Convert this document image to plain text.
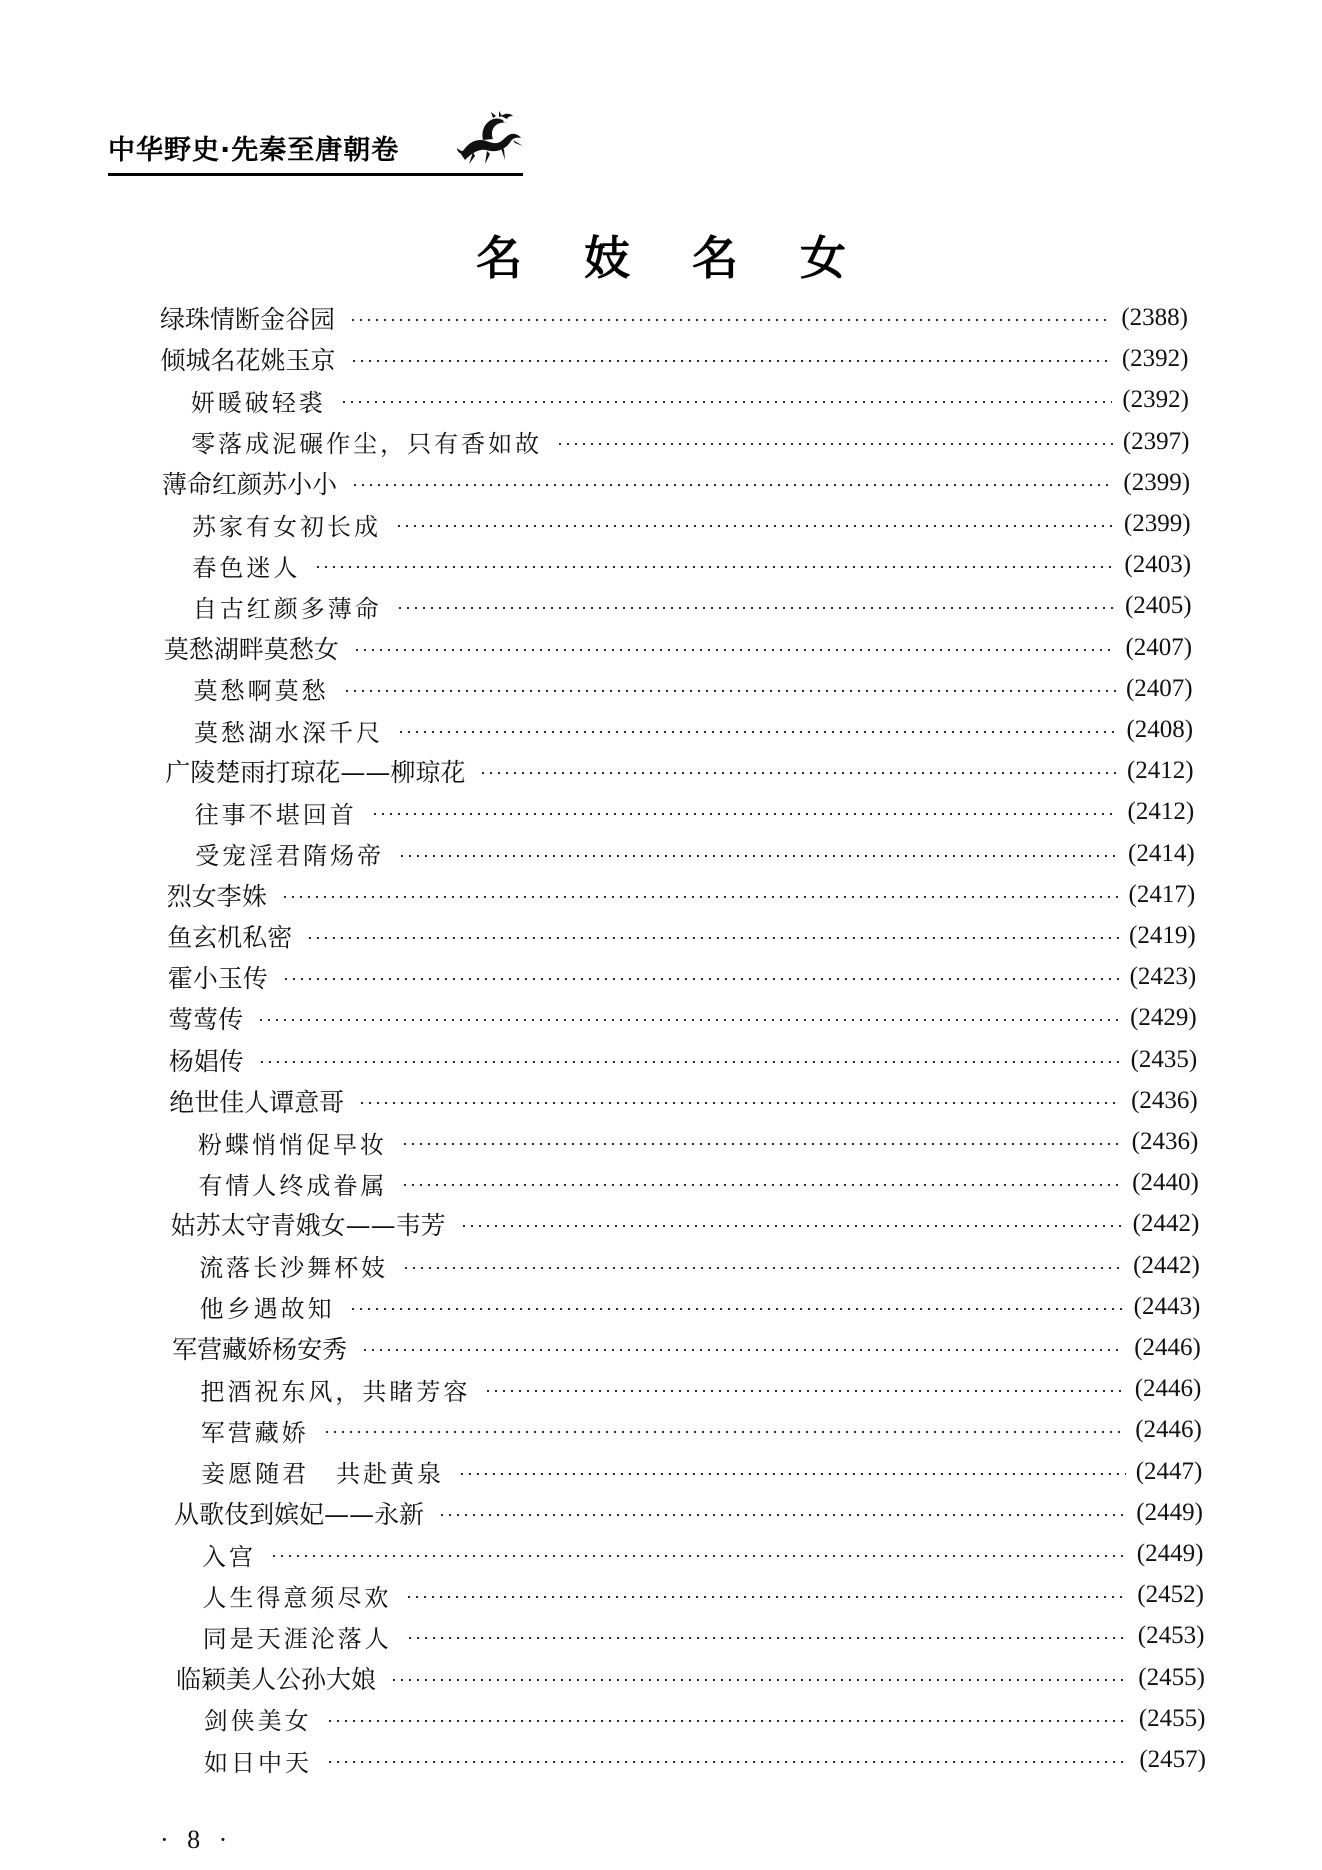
中华野史·先秦至唐朝卷
名妓名女
绿珠情断金谷园	(2388)
倾城名花姚玉京	(2392)
妍暖破轻裘	(2392)
零落成泥碾作尘，只有香如故	(2397)
薄命红颜苏小小	(2399)
苏家有女初长成	(2399)
春色迷人	(2403)
自古红颜多薄命	(2405)
莫愁湖畔莫愁女	(2407)
莫愁啊莫愁	(2407)
莫愁湖水深千尺	(2408)
广陵楚雨打琼花——柳琼花	(2412)
往事不堪回首	(2412)
受宠淫君隋炀帝	(2414)
烈女李姝	(2417)
鱼玄机私密	(2419)
霍小玉传	(2423)
莺莺传	(2429)
杨娼传	(2435)
绝世佳人谭意哥	(2436)
粉蝶悄悄促早妆	(2436)
有情人终成眷属	(2440)
姑苏太守青娥女——韦芳	(2442)
流落长沙舞杯妓	(2442)
他乡遇故知	(2443)
军营藏娇杨安秀	(2446)
把酒祝东风，共睹芳容	(2446)
军营藏娇	(2446)
妾愿随君　共赴黄泉	(2447)
从歌伎到嫔妃——永新	(2449)
入宫	(2449)
人生得意须尽欢	(2452)
同是天涯沦落人	(2453)
临颖美人公孙大娘	(2455)
剑侠美女	(2455)
如日中天	(2457)
· 8 ·
